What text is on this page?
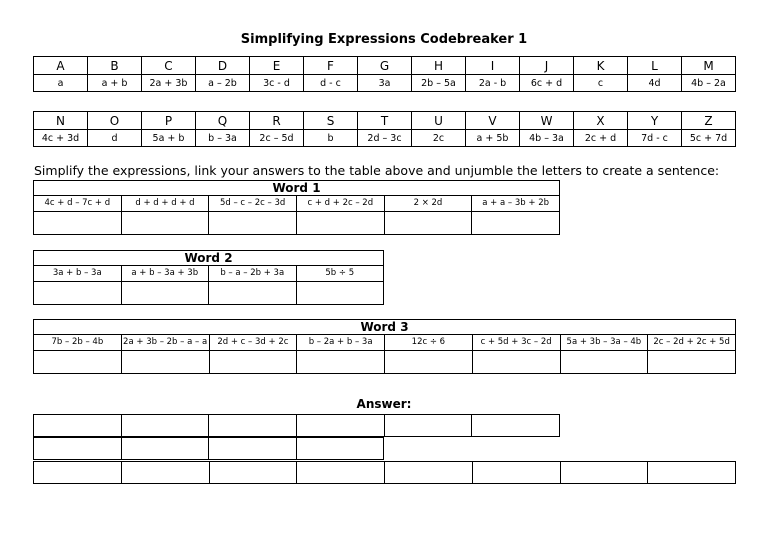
Simplifying Expressions Codebreaker 1
A	B	C	D	E	F	G	H	I	J	K	L	M
a	a + b	2a + 3b	a – 2b	3c - d	d - c	3a	2b – 5a	2a - b	6c + d	c	4d	4b – 2a
N	O	P	Q	R	S	T	U	V	W	X	Y	Z
4c + 3d	d	5a + b	b – 3a	2c – 5d	b	2d – 3c	2c	a + 5b	4b – 3a	2c + d	7d - c	5c + 7d
Simplify the expressions, link your answers to the table above and unjumble the letters to create a sentence:
Word 1					
4c + d – 7c + d	d + d + d + d	5d – c – 2c – 3d	c + d + 2c – 2d	2 × 2d	a + a – 3b + 2b

Word 2			
3a + b – 3a	a + b – 3a + 3b	b – a – 2b + 3a	5b ÷ 5

Word 3							
7b – 2b – 4b	2a + 3b – 2b – a – a	2d + c – 3d + 2c	b – 2a + b – 3a	12c ÷ 6	c + 5d + 3c – 2d	5a + 3b – 3a – 4b	2c – 2d + 2c + 5d

Answer:
